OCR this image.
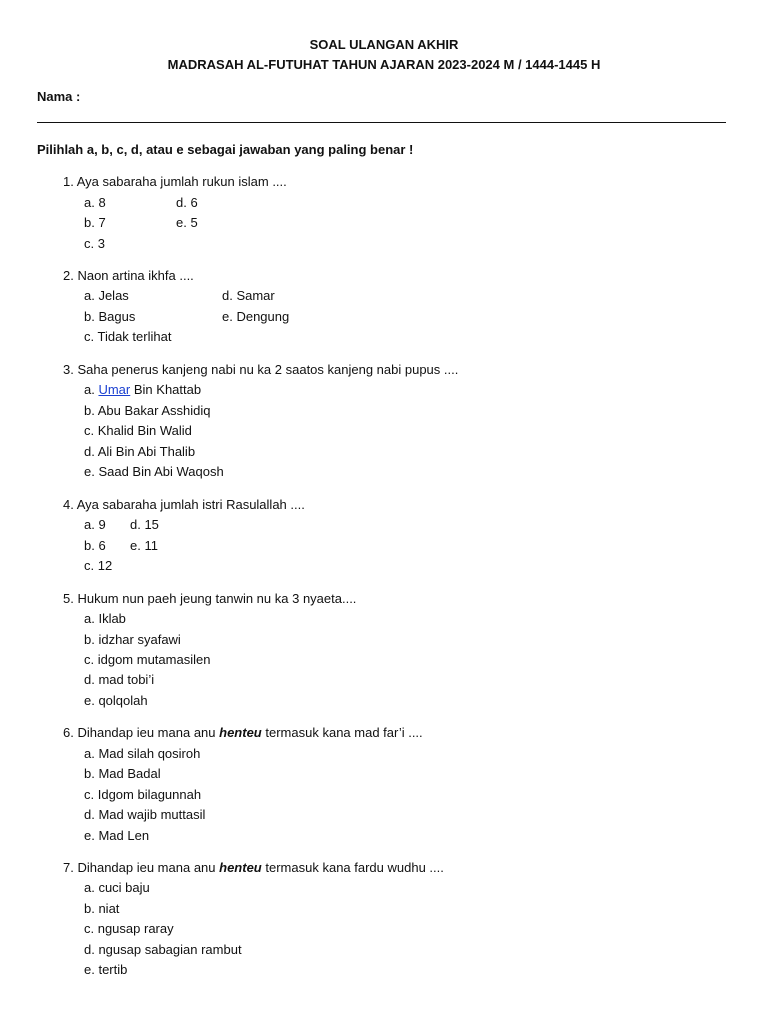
SOAL ULANGAN AKHIR
MADRASAH AL-FUTUHAT TAHUN AJARAN 2023-2024 M / 1444-1445 H
Nama :
Pilihlah a, b, c, d, atau e sebagai jawaban yang paling benar !
1. Aya sabaraha jumlah rukun islam ....
a. 8
b. 7
c. 3
d. 6
e. 5
2. Naon artina ikhfa ....
a. Jelas
b. Bagus
c. Tidak terlihat
d. Samar
e. Dengung
3. Saha penerus kanjeng nabi nu ka 2 saatos kanjeng nabi pupus ....
a. Umar Bin Khattab
b. Abu Bakar Asshidiq
c. Khalid Bin Walid
d. Ali Bin Abi Thalib
e. Saad Bin Abi Waqosh
4. Aya sabaraha jumlah istri Rasulallah ....
a. 9
b. 6
c. 12
d. 15
e. 11
5. Hukum nun paeh jeung tanwin nu ka 3 nyaeta....
a. Iklab
b. idzhar syafawi
c. idgom mutamasilen
d. mad tobi’i
e. qolqolah
6. Dihandap ieu mana anu henteu termasuk kana mad far’i ....
a. Mad silah qosiroh
b. Mad Badal
c. Idgom bilagunnah
d. Mad wajib muttasil
e. Mad Len
7. Dihandap ieu mana anu henteu termasuk kana fardu wudhu ....
a. cuci baju
b. niat
c. ngusap raray
d. ngusap sabagian rambut
e. tertib
